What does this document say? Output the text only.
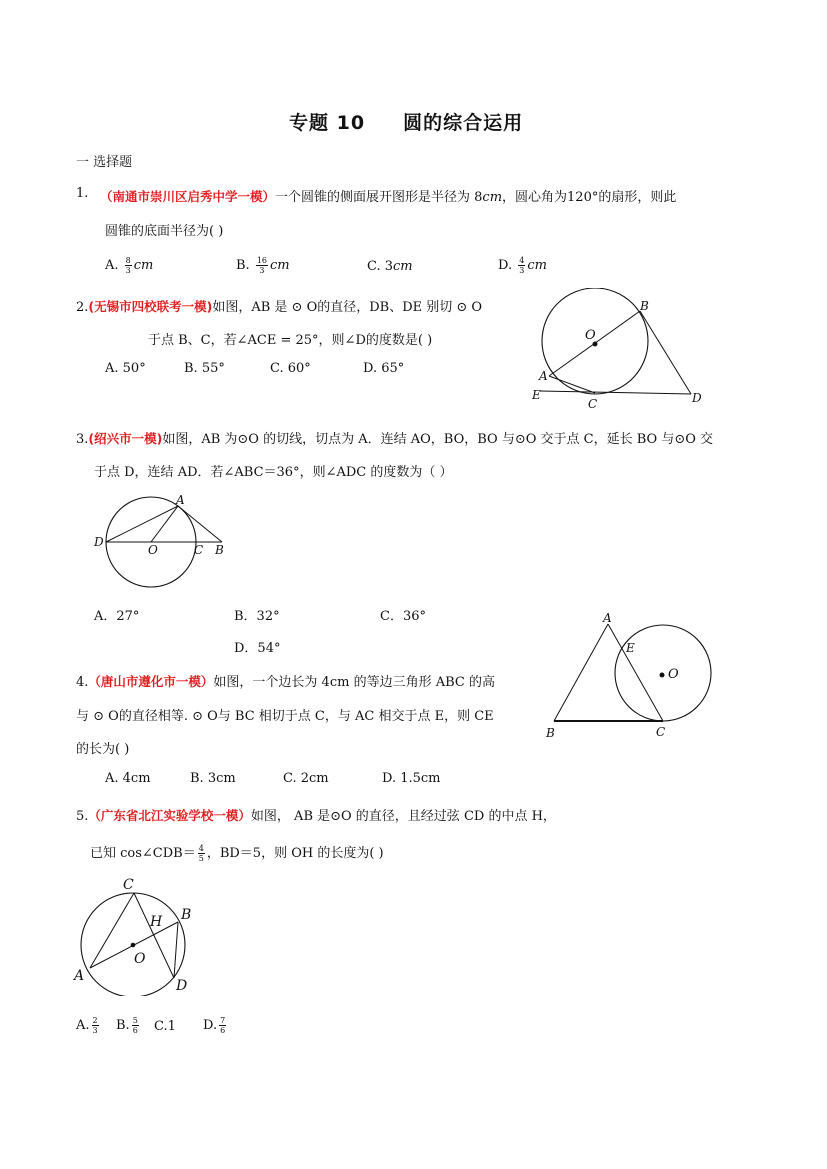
专题 10 圆的综合运用
一 选择题
1. （南通市崇川区启秀中学一模）一个圆锥的侧面展开图形是半径为 8cm，圆心角为120°的扇形，则此
圆锥的底面半径为( )
A. $\frac{8}{3}$ cm	B. $\frac{16}{3}$ cm	C. 3cm	D. $\frac{4}{3}$ cm
2.(无锡市四校联考一模)如图，AB 是 ⊙ O的直径，DB、DE 别切 ⊙ O
于点 B、C，若∠ACE = 25°，则∠D的度数是( )
A. 50°	B. 55°	C. 60°	D. 65°
B
O
A
E
C	D
3.(绍兴市一模)如图，AB 为⊙O 的切线，切点为 A．连结 AO，BO，BO 与⊙O 交于点 C，延长 BO 与⊙O 交
于点 D，连结 AD．若∠ABC＝36°，则∠ADC 的度数为（ ）
A
D
O	C B
A．27°	B．32°	C．36°
D．54°
4.（唐山市遵化市一模）如图，一个边长为 4cm 的等边三角形 ABC 的高
与 ⊙ O的直径相等. ⊙ O与 BC 相切于点 C，与 AC 相交于点 E，则 CE
的长为( )
A. 4cm	B. 3cm	C. 2cm	D. 1.5cm
A
E
O
B	C
5.（广东省北江实验学校一模）如图， AB 是⊙O 的直径，且经过弦 CD 的中点 H，
已知 cos∠CDB＝ $\frac{4}{5}$ ，BD＝5，则 OH 的长度为( )
C
H B
O
A
D
A. $\frac{2}{3} B$. $\frac{5}{6} C.1$ D. $\frac{7}{6}$
